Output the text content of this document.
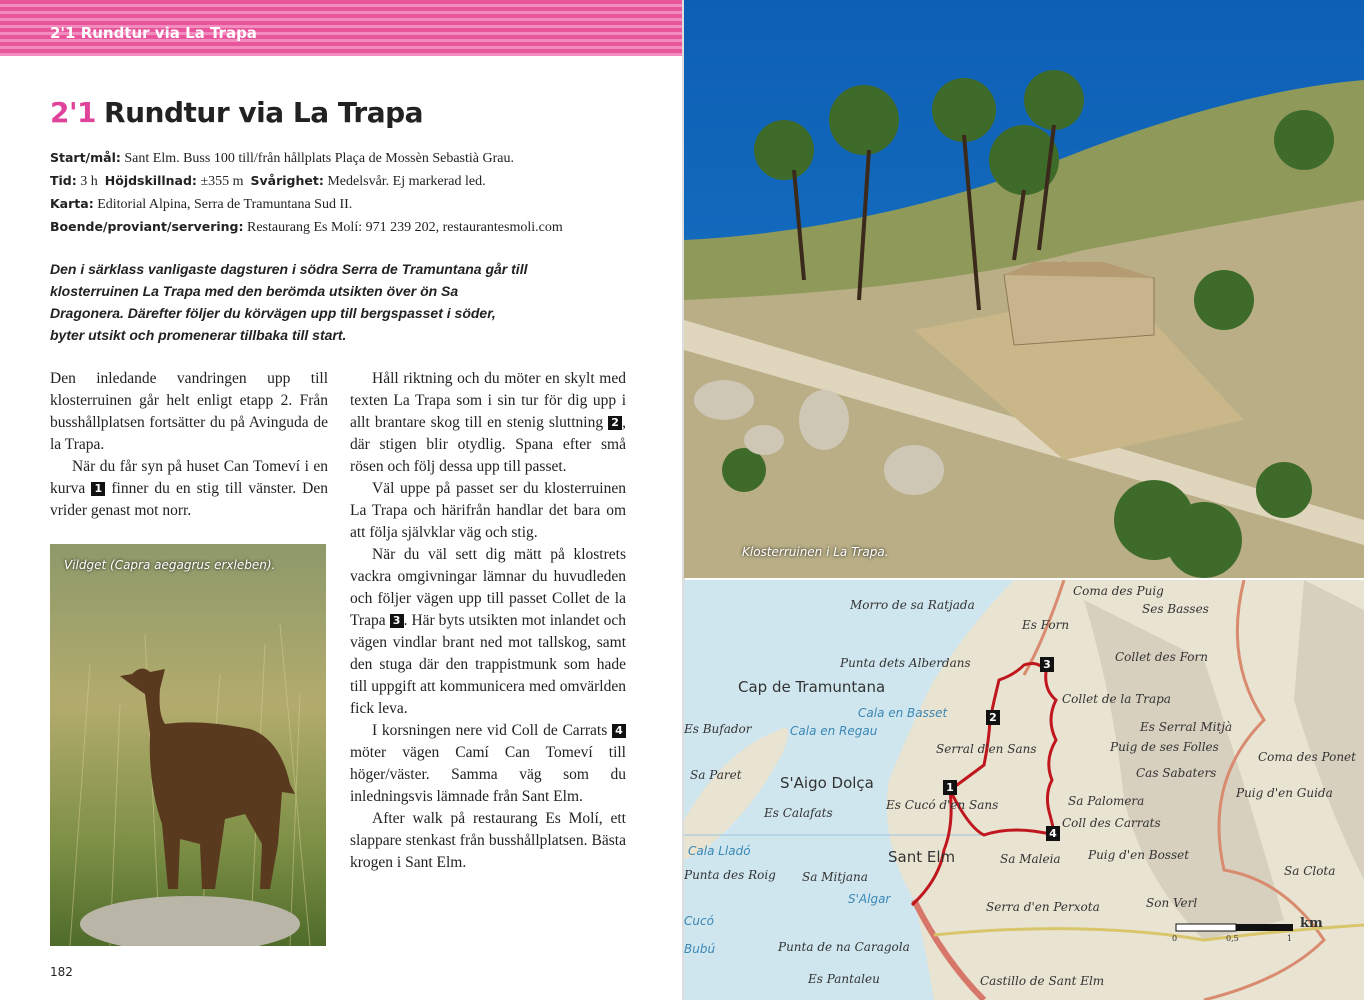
2'1 Rundtur via La Trapa
2'1 Rundtur via La Trapa
Start/mål: Sant Elm. Buss 100 till/från hållplats Plaça de Mossèn Sebastià Grau.
Tid: 3 h  Höjdskillnad: ±355 m  Svårighet: Medelsvår. Ej markerad led.
Karta: Editorial Alpina, Serra de Tramuntana Sud II.
Boende/proviant/servering: Restaurang Es Molí: 971 239 202, restaurantesmoli.com

Den i särklass vanligaste dagsturen i södra Serra de Tramuntana går till klosterruinen La Trapa med den berömda utsikten över ön Sa Dragonera. Därefter följer du körvägen upp till bergspasset i söder, byter utsikt och promenerar tillbaka till start.

Den inledande vandringen upp till klosterruinen går helt enligt etapp 2. Från busshållplatsen fortsätter du på Avinguda de la Trapa.

När du får syn på huset Can Tomeví i en kurva 1 finner du en stig till vänster. Den vrider genast mot norr.

Vildget (Capra aegagrus erxleben).

Håll riktning och du möter en skylt med texten La Trapa som i sin tur för dig upp i allt brantare skog till en stenig sluttning 2 , där stigen blir otydlig. Spana efter små rösen och följ dessa upp till passet.

Väl uppe på passet ser du klosterruinen La Trapa och härifrån handlar det bara om att följa självklar väg och stig.

När du väl sett dig mätt på klostrets vackra omgivningar lämnar du huvudleden och följer vägen upp till passet Collet de la Trapa 3 . Här byts utsikten mot inlandet och vägen vindlar brant ned mot tallskog, samt den stuga där den trappistmunk som hade till uppgift att kommunicera med omvärlden fick leva.

I korsningen nere vid Coll de Carrats 4 möter vägen Camí Can Tomeví till höger/väster. Samma väg som du inledningsvis lämnade från Sant Elm.

After walk på restaurang Es Molí, ett slappare stenkast från busshållplatsen. Bästa krogen i Sant Elm.

182
Klosterruinen i La Trapa.
Morro de sa Ratjada
Es Forn
Coma des Puig
Ses Basses
Punta dets Alberdans
Cap de Tramuntana
Collet des Forn
Collet de la Trapa
Cala en Basset
Cala en Regau
Es Bufador	Es Serral Mitjà
Serral d'en Sans	Puig de ses Folles
Coma des Ponet
Sa Paret	S'Aigo Dolça
Cas Sabaters
Puig d'en Guida
Es Cucó d'en Sans
Es Calafats
Sa Palomera
Coll des Carrats
Cala Lladó	Sant Elm	Sa Maleia Puig d'en Bosset
Punta des Roig Sa Mitjana	Sa Clota
S'Algar
Serra d'en Perxota	Son Verl
Cucó
Bubú	Punta de na Caragola
Es Pantaleu	Castillo de Sant Elm
1
2
3
4
0	0,5	1
km
